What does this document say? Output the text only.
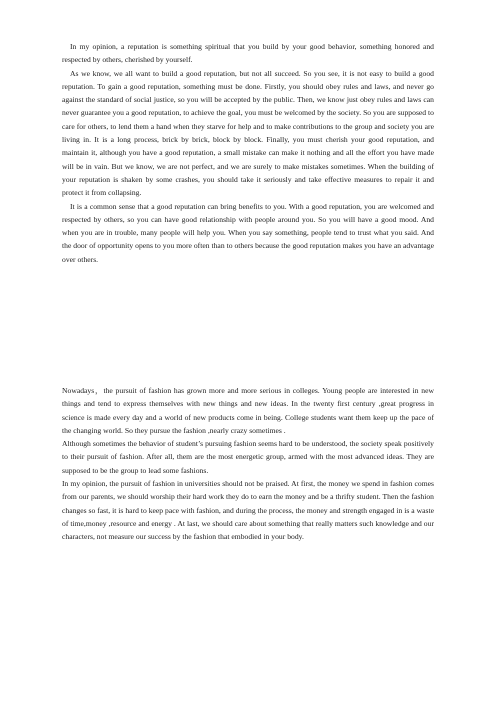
In my opinion, a reputation is something spiritual that you build by your good behavior, something honored and respected by others, cherished by yourself.

As we know, we all want to build a good reputation, but not all succeed. So you see, it is not easy to build a good reputation. To gain a good reputation, something must be done. Firstly, you should obey rules and laws, and never go against the standard of social justice, so you will be accepted by the public. Then, we know just obey rules and laws can never guarantee you a good reputation, to achieve the goal, you must be welcomed by the society. So you are supposed to care for others, to lend them a hand when they starve for help and to make contributions to the group and society you are living in. It is a long process, brick by brick, block by block. Finally, you must cherish your good reputation, and maintain it, although you have a good reputation, a small mistake can make it nothing and all the effort you have made will be in vain. But we know, we are not perfect, and we are surely to make mistakes sometimes. When the building of your reputation is shaken by some crashes, you should take it seriously and take effective measures to repair it and protect it from collapsing.

It is a common sense that a good reputation can bring benefits to you. With a good reputation, you are welcomed and respected by others, so you can have good relationship with people around you. So you will have a good mood. And when you are in trouble, many people will help you. When you say something, people tend to trust what you said. And the door of opportunity opens to you more often than to others because the good reputation makes you have an advantage over others.

Nowadays，the pursuit of fashion has grown more and more serious in colleges. Young people are interested in new things and tend to express themselves with new things and new ideas. In the twenty first century ,great progress in science is made every day and a world of new products come in being. College students want them keep up the pace of the changing world. So they pursue the fashion ,nearly crazy sometimes .

Although sometimes the behavior of student’s pursuing fashion seems hard to be understood, the society speak positively to their pursuit of fashion. After all, them are the most energetic group, armed with the most advanced ideas. They are supposed to be the group to lead some fashions.

In my opinion, the pursuit of fashion in universities should not be praised. At first, the money we spend in fashion comes from our parents, we should worship their hard work they do to earn the money and be a thrifty student. Then the fashion changes so fast, it is hard to keep pace with fashion, and during the process, the money and strength engaged in is a waste of time,money ,resource and energy . At last, we should care about something that really matters such knowledge and our characters, not measure our success by the fashion that embodied in your body.
